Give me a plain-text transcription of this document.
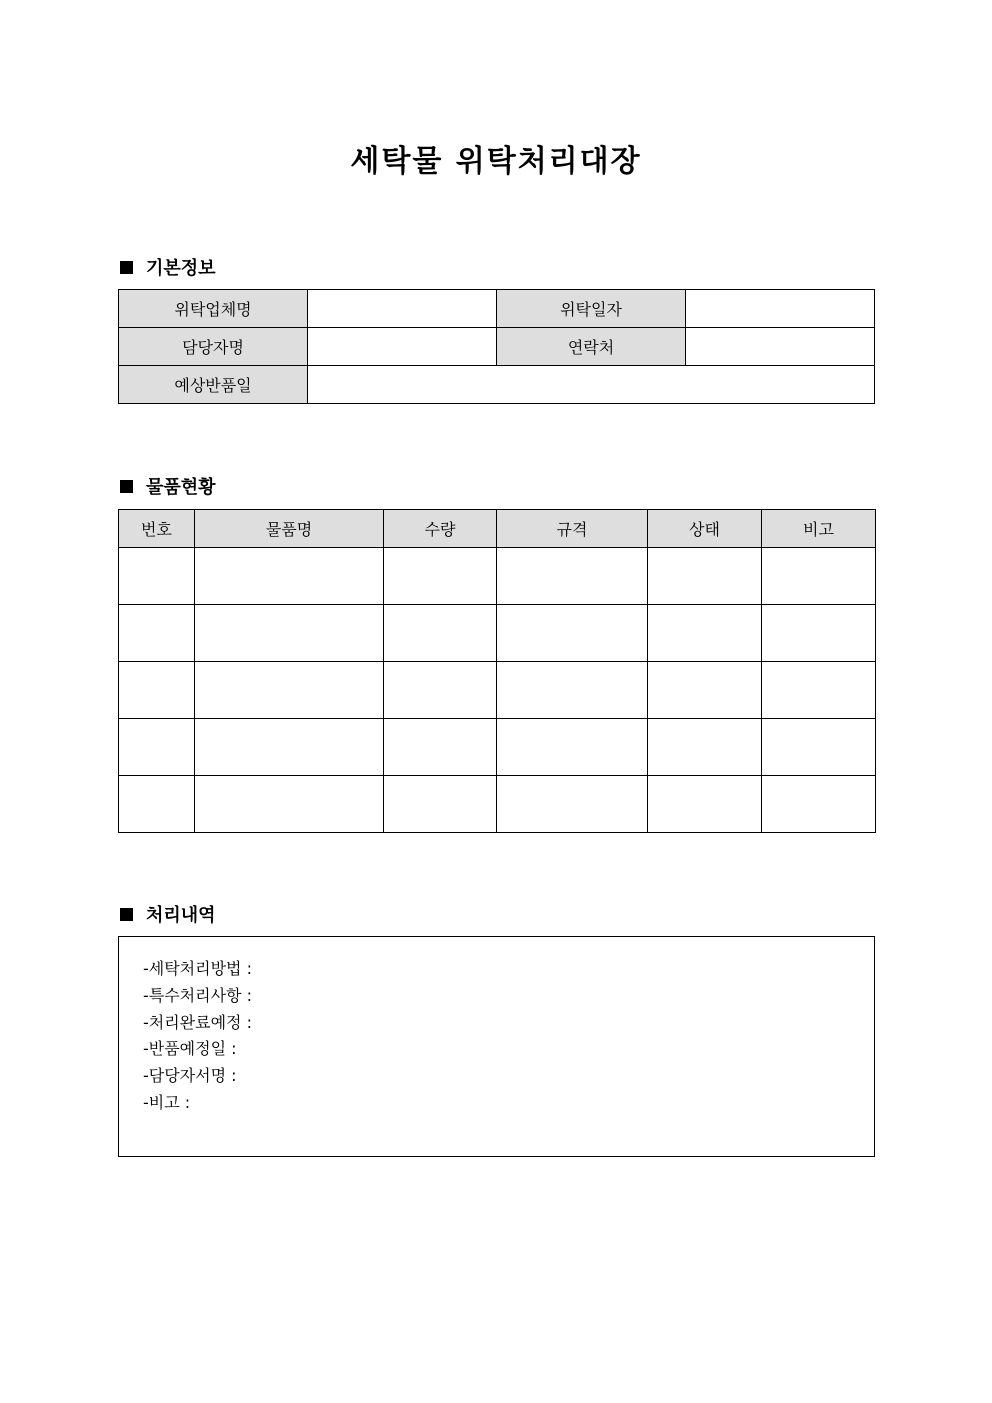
세탁물 위탁처리대장
기본정보
위탁업체명		위탁일자	
담당자명		연락처	
예상반품일			
물품현황
번호	물품명	수량	규격	상태	비고

처리내역
-세탁처리방법 :
-특수처리사항 :
-처리완료예정 :
-반품예정일 :
-담당자서명 :
-비고 :
